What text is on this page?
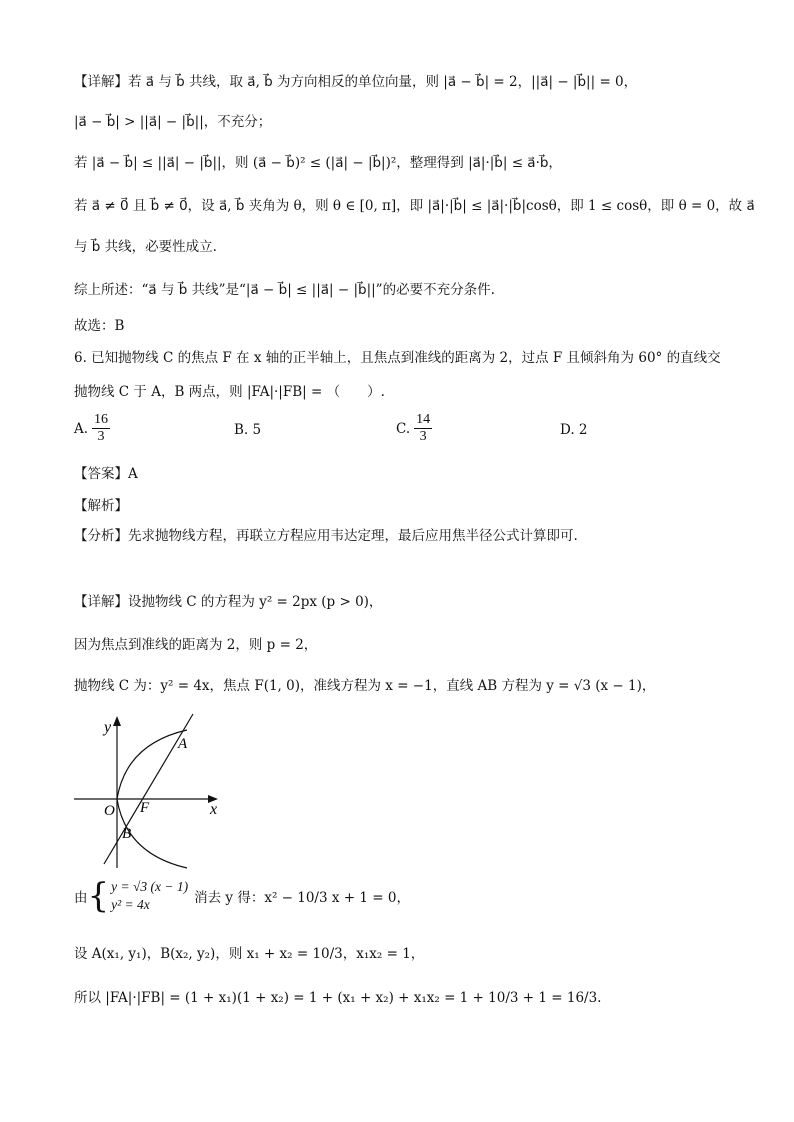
【详解】若 a⃗ 与 b⃗ 共线，取 a⃗, b⃗ 为方向相反的单位向量，则 |a⃗ − b⃗| = 2，||a⃗| − |b⃗|| = 0，
|a⃗ − b⃗| > ||a⃗| − |b⃗||，不充分；
若 |a⃗ − b⃗| ≤ ||a⃗| − |b⃗||，则 (a⃗ − b⃗)² ≤ (|a⃗| − |b⃗|)²，整理得到 |a⃗|·|b⃗| ≤ a⃗·b⃗，
若 a⃗ ≠ 0⃗ 且 b⃗ ≠ 0⃗，设 a⃗, b⃗ 夹角为 θ，则 θ ∈ [0, π]，即 |a⃗|·|b⃗| ≤ |a⃗|·|b⃗|cosθ，即 1 ≤ cosθ，即 θ = 0，故 a⃗
与 b⃗ 共线，必要性成立.
综上所述：“a⃗ 与 b⃗ 共线”是“|a⃗ − b⃗| ≤ ||a⃗| − |b⃗||”的必要不充分条件.
故选：B
6. 已知抛物线 C 的焦点 F 在 x 轴的正半轴上，且焦点到准线的距离为 2，过点 F 且倾斜角为 60° 的直线交
抛物线 C 于 A，B 两点，则 |FA|·|FB| = （　　）.
A. $\frac{16}{3}$	B. 5	C. $\frac{14}{3}$	D. 2
【答案】A
【解析】
【分析】先求抛物线方程，再联立方程应用韦达定理，最后应用焦半径公式计算即可.
【详解】设抛物线 C 的方程为 y² = 2px (p > 0)，
因为焦点到准线的距离为 2，则 p = 2，
抛物线 C 为：y² = 4x，焦点 F(1, 0)，准线方程为 x = −1，直线 AB 方程为 y = √3 (x − 1)，
y
x
O F
A
B
由 { y = √3 (x − 1)
y² = 4x	消去 y 得：x² − 10/3 x + 1 = 0，
设 A(x₁, y₁)，B(x₂, y₂)，则 x₁ + x₂ = 10/3，x₁x₂ = 1，
所以 |FA|·|FB| = (1 + x₁)(1 + x₂) = 1 + (x₁ + x₂) + x₁x₂ = 1 + 10/3 + 1 = 16/3.
